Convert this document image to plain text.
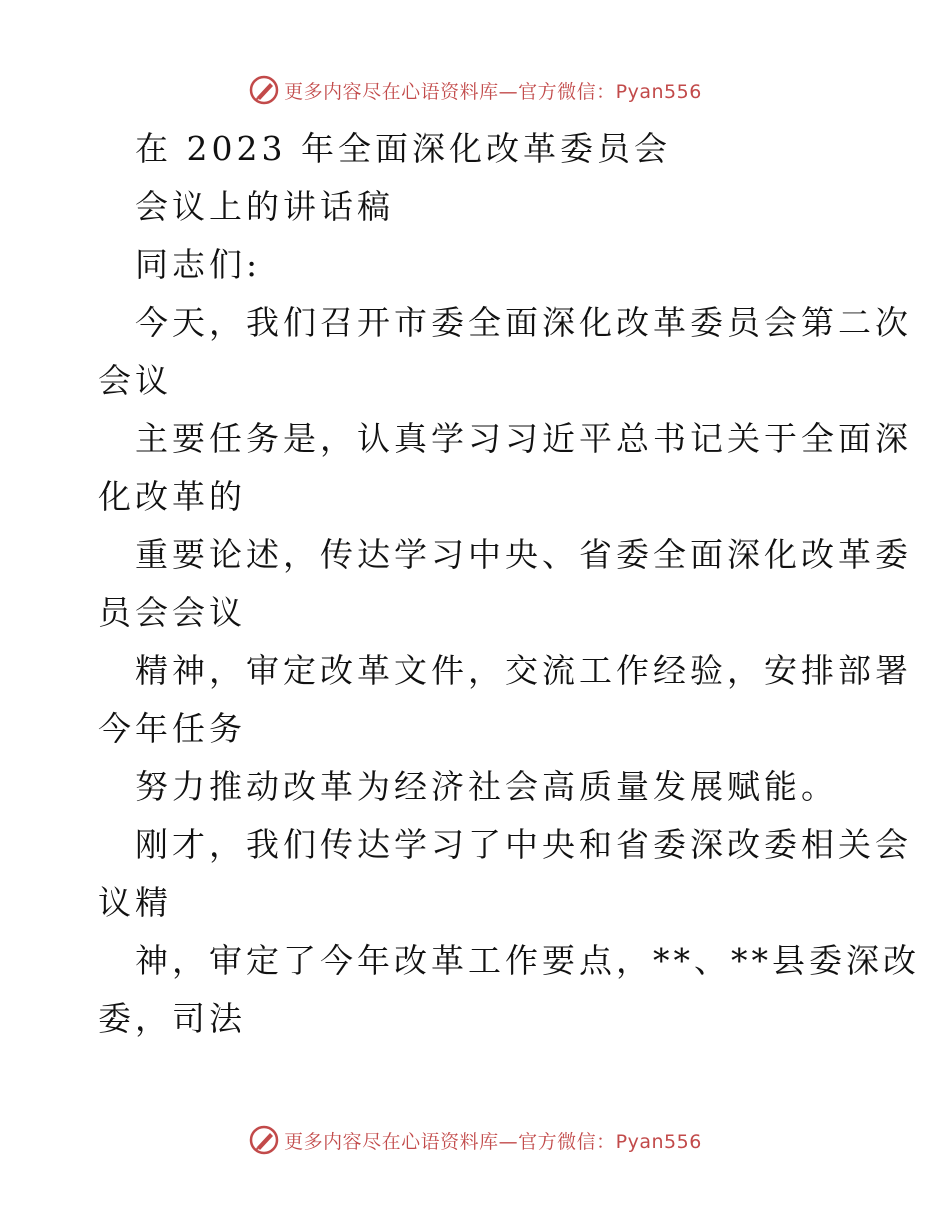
更多内容尽在心语资料库—官方微信：Pyan556
在 2023 年全面深化改革委员会
会议上的讲话稿
同志们:
今天，我们召开市委全面深化改革委员会第二次
会议
主要任务是，认真学习习近平总书记关于全面深
化改革的
重要论述，传达学习中央、省委全面深化改革委
员会会议
精神，审定改革文件，交流工作经验，安排部署
今年任务
努力推动改革为经济社会高质量发展赋能。
刚才，我们传达学习了中央和省委深改委相关会
议精
神，审定了今年改革工作要点，**、**县委深改
委，司法
更多内容尽在心语资料库—官方微信：Pyan556
